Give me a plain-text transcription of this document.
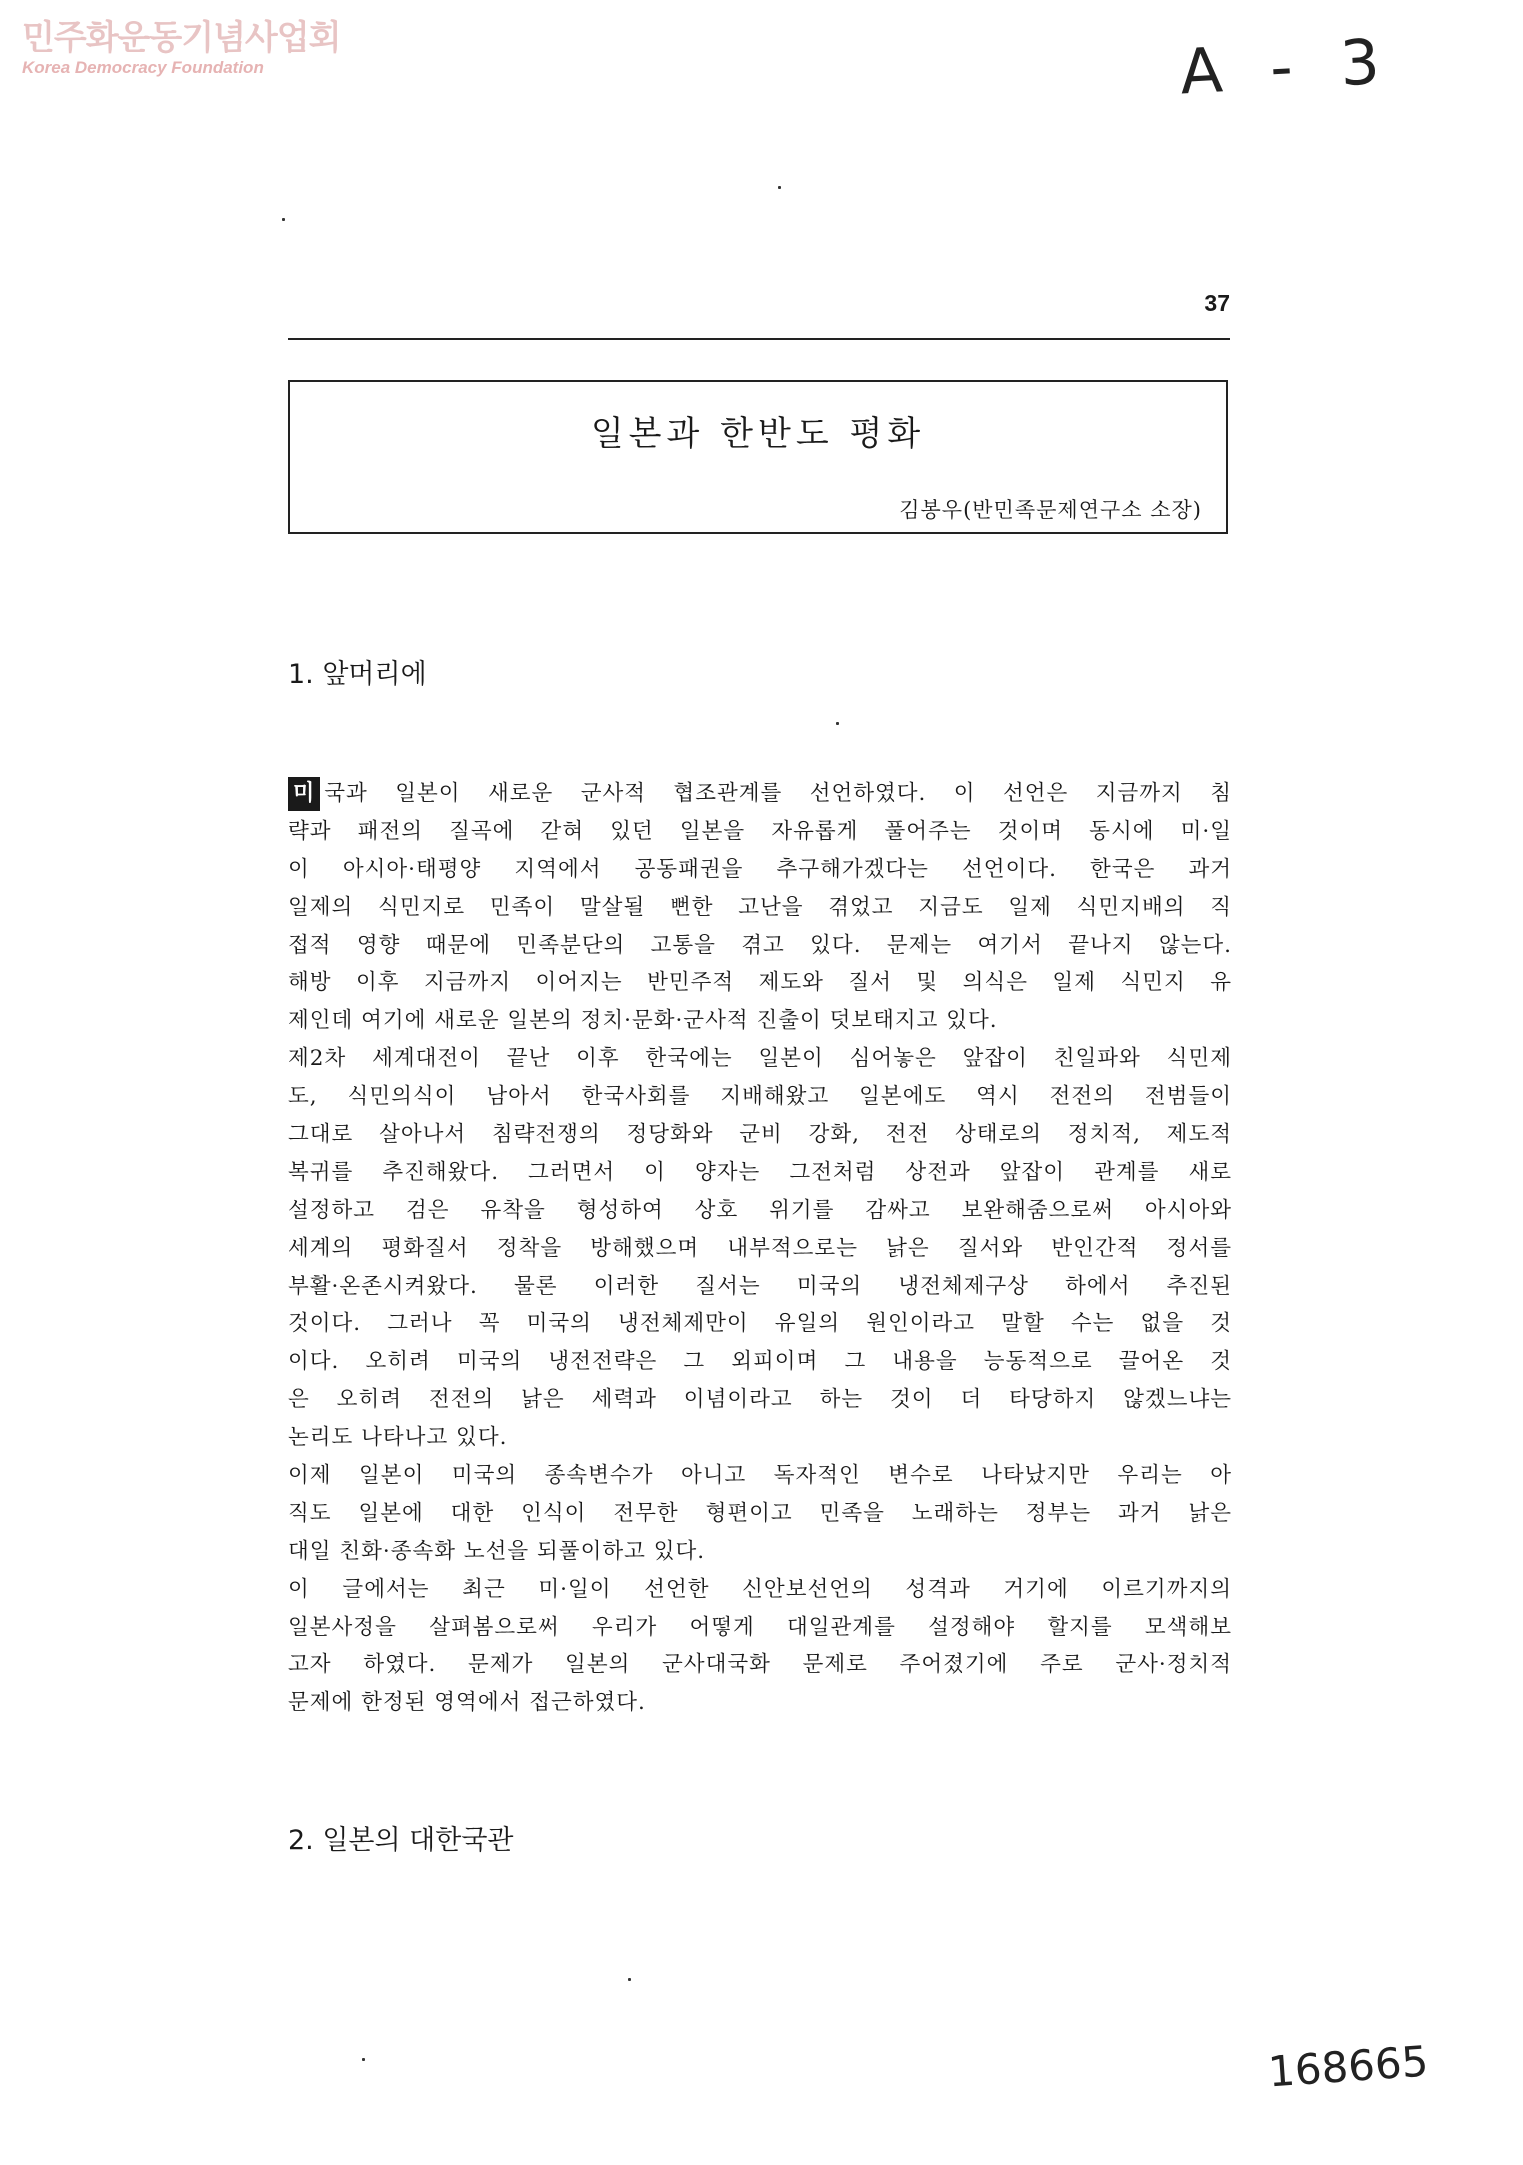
민주화운동기념사업회
Korea Democracy Foundation	A - 3
37
일본과 한반도 평화
김봉우(반민족문제연구소 소장)
1. 앞머리에
미 국과 일본이 새로운 군사적 협조관계를 선언하였다. 이 선언은 지금까지 침
략과 패전의 질곡에 갇혀 있던 일본을 자유롭게 풀어주는 것이며 동시에 미·일
이 아시아·태평양 지역에서 공동패권을 추구해가겠다는 선언이다. 한국은 과거
일제의 식민지로 민족이 말살될 뻔한 고난을 겪었고 지금도 일제 식민지배의 직
접적 영향 때문에 민족분단의 고통을 겪고 있다. 문제는 여기서 끝나지 않는다.
해방 이후 지금까지 이어지는 반민주적 제도와 질서 및 의식은 일제 식민지 유
제인데 여기에 새로운 일본의 정치·문화·군사적 진출이 덧보태지고 있다.
제2차 세계대전이 끝난 이후 한국에는 일본이 심어놓은 앞잡이 친일파와 식민제
도, 식민의식이 남아서 한국사회를 지배해왔고 일본에도 역시 전전의 전범들이
그대로 살아나서 침략전쟁의 정당화와 군비 강화, 전전 상태로의 정치적, 제도적
복귀를 추진해왔다. 그러면서 이 양자는 그전처럼 상전과 앞잡이 관계를 새로
설정하고 검은 유착을 형성하여 상호 위기를 감싸고 보완해줌으로써 아시아와
세계의 평화질서 정착을 방해했으며 내부적으로는 낡은 질서와 반인간적 정서를
부활·온존시켜왔다. 물론 이러한 질서는 미국의 냉전체제구상 하에서 추진된
것이다. 그러나 꼭 미국의 냉전체제만이 유일의 원인이라고 말할 수는 없을 것
이다. 오히려 미국의 냉전전략은 그 외피이며 그 내용을 능동적으로 끌어온 것
은 오히려 전전의 낡은 세력과 이념이라고 하는 것이 더 타당하지 않겠느냐는
논리도 나타나고 있다.
이제 일본이 미국의 종속변수가 아니고 독자적인 변수로 나타났지만 우리는 아
직도 일본에 대한 인식이 전무한 형편이고 민족을 노래하는 정부는 과거 낡은
대일 친화·종속화 노선을 되풀이하고 있다.
이 글에서는 최근 미·일이 선언한 신안보선언의 성격과 거기에 이르기까지의
일본사정을 살펴봄으로써 우리가 어떻게 대일관계를 설정해야 할지를 모색해보
고자 하였다. 문제가 일본의 군사대국화 문제로 주어졌기에 주로 군사·정치적
문제에 한정된 영역에서 접근하였다.
2. 일본의 대한국관
168665
